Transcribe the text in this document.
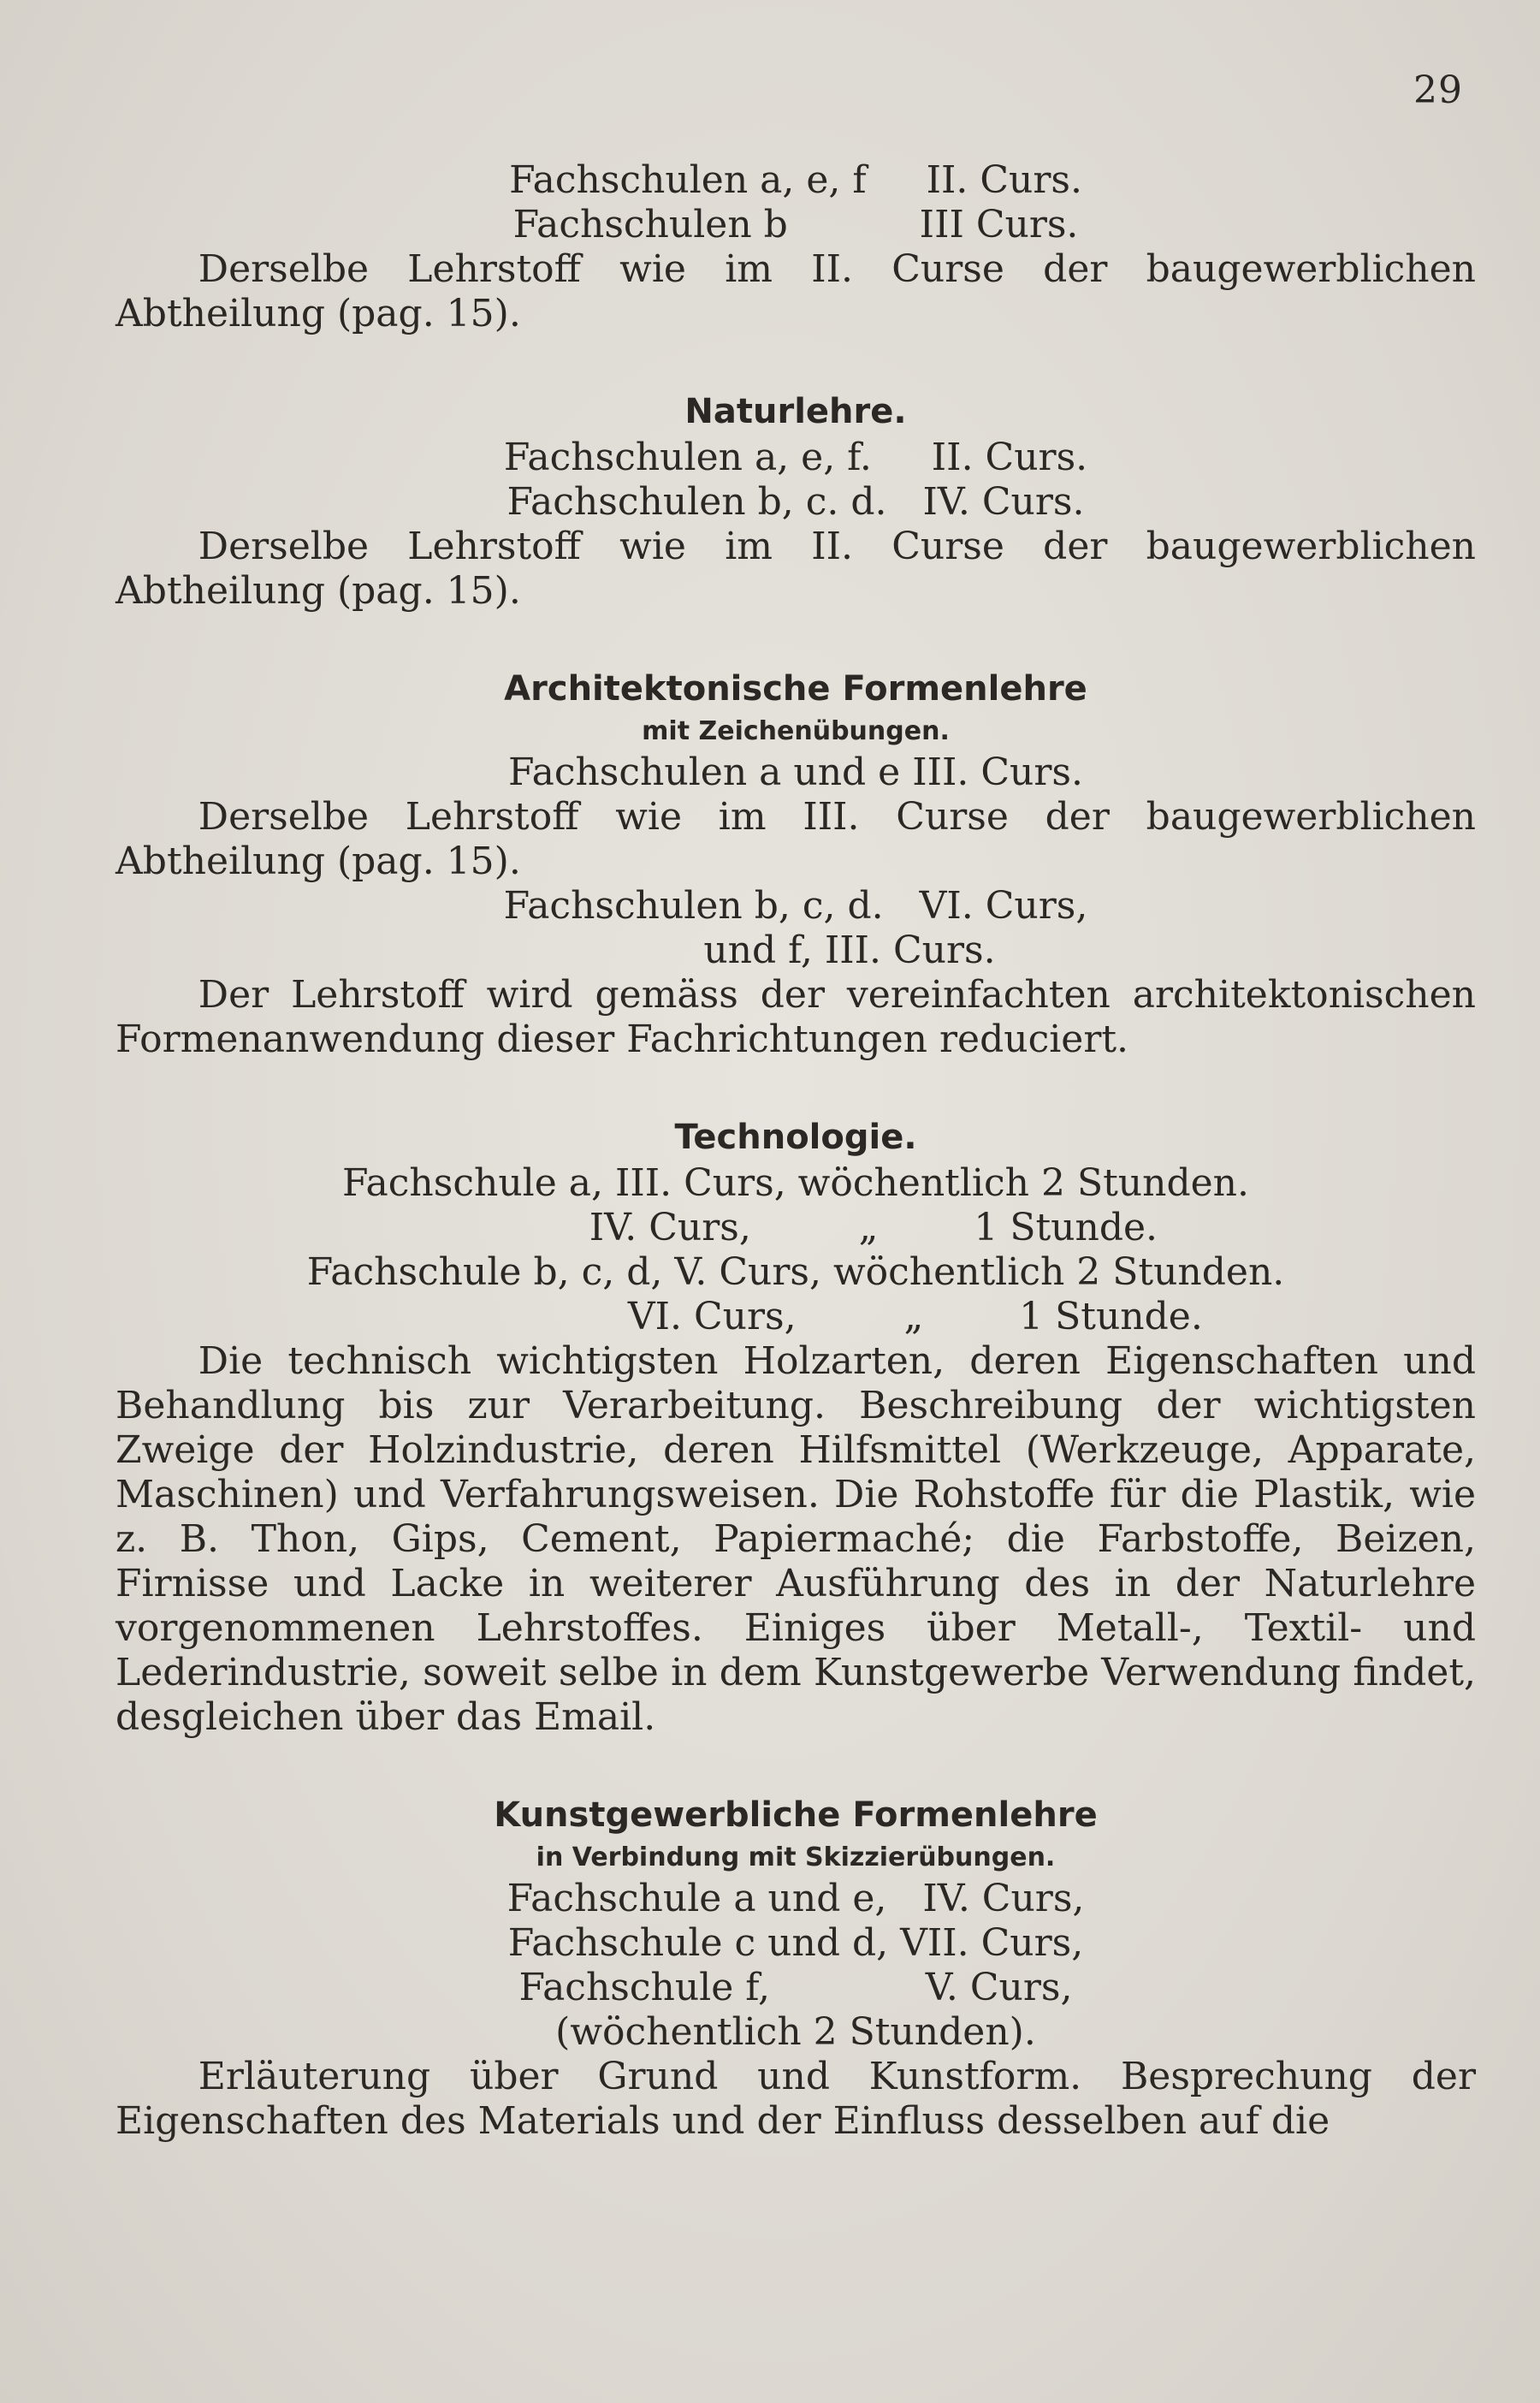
29
Fachschulen a, e, f     II. Curs.
Fachschulen b           III Curs.
Derselbe Lehrstoff wie im II. Curse der baugewerblichen Abtheilung (pag. 15).
Naturlehre.
Fachschulen a, e, f.     II. Curs.
Fachschulen b, c. d.   IV. Curs.
Derselbe Lehrstoff wie im II. Curse der baugewerblichen Abtheilung (pag. 15).
Architektonische Formenlehre
mit Zeichenübungen.
Fachschulen a und e III. Curs.
Derselbe Lehrstoff wie im III. Curse der baugewerblichen Abtheilung (pag. 15).
Fachschulen b, c, d.   VI. Curs,
und f, III. Curs.
Der Lehrstoff wird gemäss der vereinfachten architektonischen Formenanwendung dieser Fachrichtungen reduciert.
Technologie.
Fachschule a, III. Curs, wöchentlich 2 Stunden.
IV. Curs,         „        1 Stunde.
Fachschule b, c, d, V. Curs, wöchentlich 2 Stunden.
VI. Curs,         „        1 Stunde.
Die technisch wichtigsten Holzarten, deren Eigenschaften und Behandlung bis zur Verarbeitung. Beschreibung der wichtigsten Zweige der Holzindustrie, deren Hilfsmittel (Werkzeuge, Apparate, Maschinen) und Verfahrungsweisen. Die Rohstoffe für die Plastik, wie z. B. Thon, Gips, Cement, Papiermaché; die Farbstoffe, Beizen, Firnisse und Lacke in weiterer Ausführung des in der Naturlehre vorgenommenen Lehrstoffes. Einiges über Metall-, Textil- und Lederindustrie, soweit selbe in dem Kunstgewerbe Verwendung findet, desgleichen über das Email.
Kunstgewerbliche Formenlehre
in Verbindung mit Skizzierübungen.
Fachschule a und e,   IV. Curs,
Fachschule c und d, VII. Curs,
Fachschule f,             V. Curs,
(wöchentlich 2 Stunden).
Erläuterung über Grund und Kunstform. Besprechung der Eigenschaften des Materials und der Einfluss desselben auf die
